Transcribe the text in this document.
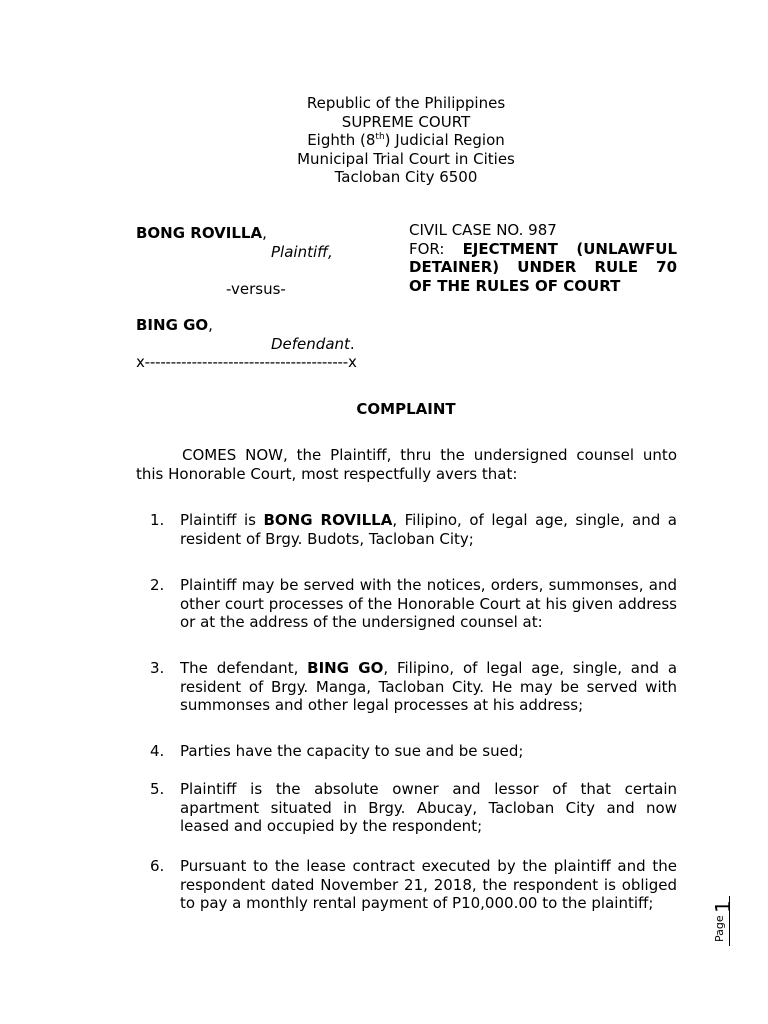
Republic of the Philippines
SUPREME COURT
Eighth (8th) Judicial Region
Municipal Trial Court in Cities
Tacloban City 6500
BONG ROVILLA,
Plaintiff,
-versus-
BING GO,
Defendant.
x---------------------------------------x
CIVIL CASE NO. 987
FOR: EJECTMENT (UNLAWFUL
DETAINER) UNDER RULE 70
OF THE RULES OF COURT
COMPLAINT
COMES NOW, the Plaintiff, thru the undersigned counsel unto
this Honorable Court, most respectfully avers that:
1.	Plaintiff is BONG ROVILLA, Filipino, of legal age, single, and a
resident of Brgy. Budots, Tacloban City;
2.	Plaintiff may be served with the notices, orders, summonses, and
other court processes of the Honorable Court at his given address
or at the address of the undersigned counsel at:
3.	The defendant, BING GO, Filipino, of legal age, single, and a
resident of Brgy. Manga, Tacloban City. He may be served with
summonses and other legal processes at his address;
4.	Parties have the capacity to sue and be sued;
5.	Plaintiff is the absolute owner and lessor of that certain
apartment situated in Brgy. Abucay, Tacloban City and now
leased and occupied by the respondent;
6.	Pursuant to the lease contract executed by the plaintiff and the
respondent dated November 21, 2018, the respondent is obliged
to pay a monthly rental payment of P10,000.00 to the plaintiff;
Page
1
